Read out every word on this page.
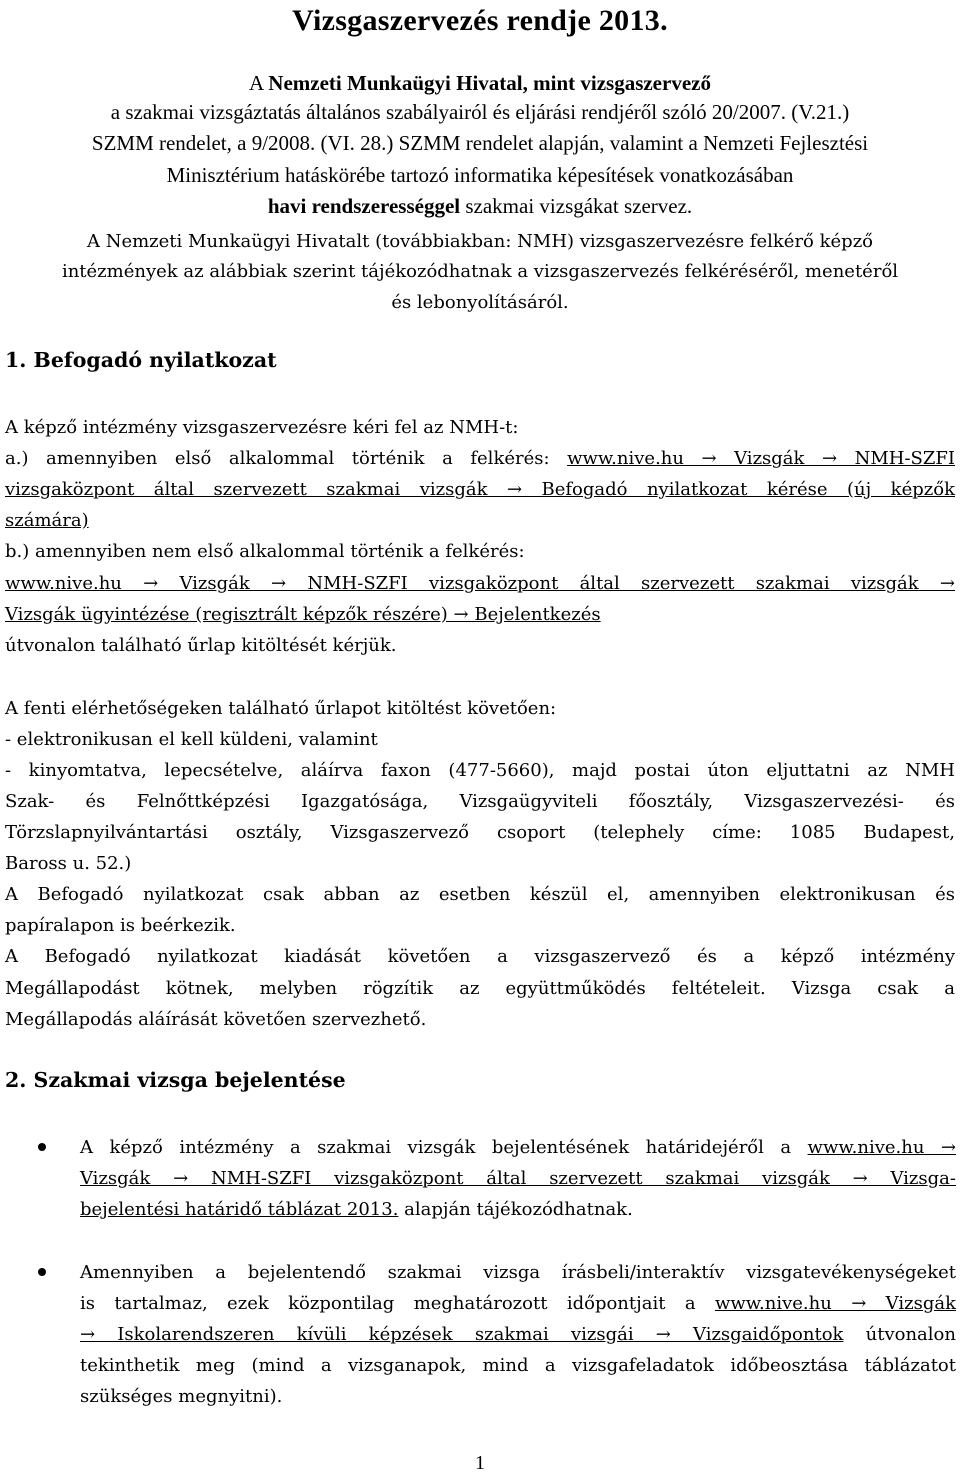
Vizsgaszervezés rendje 2013.
A Nemzeti Munkaügyi Hivatal, mint vizsgaszervező
a szakmai vizsgáztatás általános szabályairól és eljárási rendjéről szóló 20/2007. (V.21.)
SZMM rendelet, a 9/2008. (VI. 28.) SZMM rendelet alapján, valamint a Nemzeti Fejlesztési
Minisztérium hatáskörébe tartozó informatika képesítések vonatkozásában
havi rendszerességgel szakmai vizsgákat szervez.
A Nemzeti Munkaügyi Hivatalt (továbbiakban: NMH) vizsgaszervezésre felkérő képző
intézmények az alábbiak szerint tájékozódhatnak a vizsgaszervezés felkéréséről, menetéről
és lebonyolításáról.
1. Befogadó nyilatkozat
A képző intézmény vizsgaszervezésre kéri fel az NMH-t:
a.) amennyiben első alkalommal történik a felkérés: www.nive.hu → Vizsgák → NMH-SZFI
vizsgaközpont által szervezett szakmai vizsgák → Befogadó nyilatkozat kérése (új képzők
számára)
b.) amennyiben nem első alkalommal történik a felkérés:
www.nive.hu → Vizsgák → NMH-SZFI vizsgaközpont által szervezett szakmai vizsgák →
Vizsgák ügyintézése (regisztrált képzők részére) → Bejelentkezés
útvonalon található űrlap kitöltését kérjük.
A fenti elérhetőségeken található űrlapot kitöltést követően:
- elektronikusan el kell küldeni, valamint
- kinyomtatva, lepecsételve, aláírva faxon (477-5660), majd postai úton eljuttatni az NMH
Szak- és Felnőttképzési Igazgatósága, Vizsgaügyviteli főosztály, Vizsgaszervezési- és
Törzslapnyilvántartási osztály, Vizsgaszervező csoport (telephely címe: 1085 Budapest,
Baross u. 52.)
A Befogadó nyilatkozat csak abban az esetben készül el, amennyiben elektronikusan és
papíralapon is beérkezik.
A Befogadó nyilatkozat kiadását követően a vizsgaszervező és a képző intézmény
Megállapodást kötnek, melyben rögzítik az együttműködés feltételeit. Vizsga csak a
Megállapodás aláírását követően szervezhető.
2. Szakmai vizsga bejelentése
A képző intézmény a szakmai vizsgák bejelentésének határidejéről a www.nive.hu →
Vizsgák → NMH-SZFI vizsgaközpont által szervezett szakmai vizsgák → Vizsga-
bejelentési határidő táblázat 2013. alapján tájékozódhatnak.
Amennyiben a bejelentendő szakmai vizsga írásbeli/interaktív vizsgatevékenységeket
is tartalmaz, ezek központilag meghatározott időpontjait a www.nive.hu → Vizsgák
→ Iskolarendszeren kívüli képzések szakmai vizsgái → Vizsgaidőpontok útvonalon
tekinthetik meg (mind a vizsganapok, mind a vizsgafeladatok időbeosztása táblázatot
szükséges megnyitni).
1
